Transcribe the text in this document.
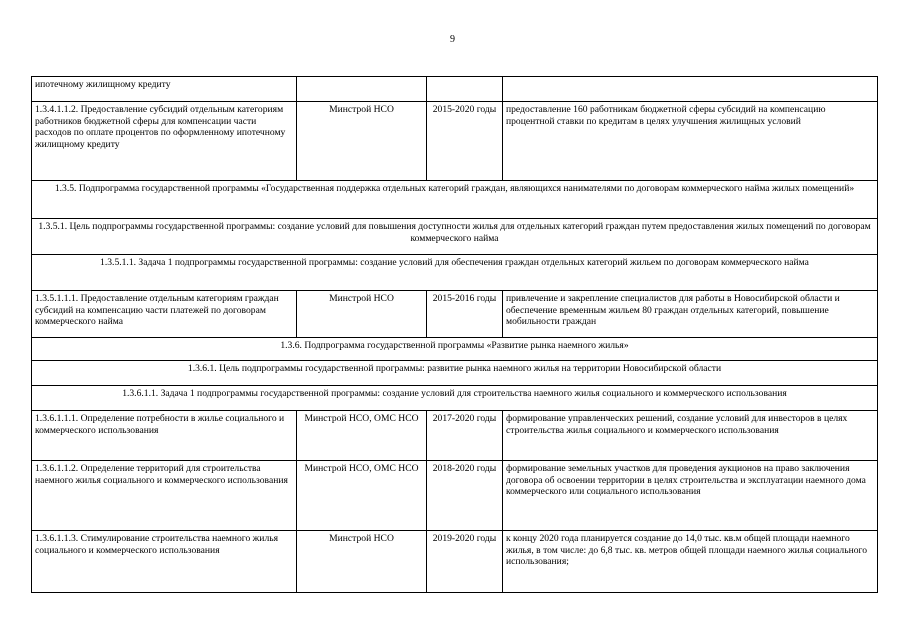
9
ипотечному жилищному кредиту			
1.3.4.1.1.2. Предоставление субсидий отдельным категориям работников бюджетной сферы для компенсации части расходов по оплате процентов по оформленному ипотечному жилищному кредиту	Минстрой НСО	2015-2020 годы	предоставление 160 работникам бюджетной сферы субсидий на компенсацию процентной ставки по кредитам в целях улучшения жилищных условий
1.3.5. Подпрограмма государственной программы «Государственная поддержка отдельных категорий граждан, являющихся нанимателями по договорам коммерческого найма жилых помещений»			
1.3.5.1. Цель подпрограммы государственной программы: создание условий для повышения доступности жилья для отдельных категорий граждан путем предоставления жилых помещений по договорам коммерческого найма			
1.3.5.1.1. Задача 1 подпрограммы государственной программы: создание условий для обеспечения граждан отдельных категорий жильем по договорам коммерческого найма			
1.3.5.1.1.1. Предоставление отдельным категориям граждан субсидий на компенсацию части платежей по договорам коммерческого найма	Минстрой НСО	2015-2016 годы	привлечение и закрепление специалистов для работы в Новосибирской области и обеспечение временным жильем 80 граждан отдельных категорий, повышение мобильности граждан
1.3.6. Подпрограмма государственной программы «Развитие рынка наемного жилья»			
1.3.6.1. Цель подпрограммы государственной программы: развитие рынка наемного жилья на территории Новосибирской области			
1.3.6.1.1. Задача 1 подпрограммы государственной программы: создание условий для строительства наемного жилья социального и коммерческого использования			
1.3.6.1.1.1. Определение потребности в жилье социального и коммерческого использования	Минстрой НСО, ОМС НСО	2017-2020 годы	формирование управленческих решений, создание условий для инвесторов в целях строительства жилья социального и коммерческого использования
1.3.6.1.1.2. Определение территорий для строительства наемного жилья социального и коммерческого использования	Минстрой НСО, ОМС НСО	2018-2020 годы	формирование земельных участков для проведения аукционов на право заключения договора об освоении территории в целях строительства и эксплуатации наемного дома коммерческого или социального использования
1.3.6.1.1.3. Стимулирование строительства наемного жилья социального и коммерческого использования	Минстрой НСО	2019-2020 годы	к концу 2020 года планируется создание до 14,0 тыс. кв.м общей площади наемного жилья, в том числе: до 6,8 тыс. кв. метров общей площади наемного жилья социального использования;
